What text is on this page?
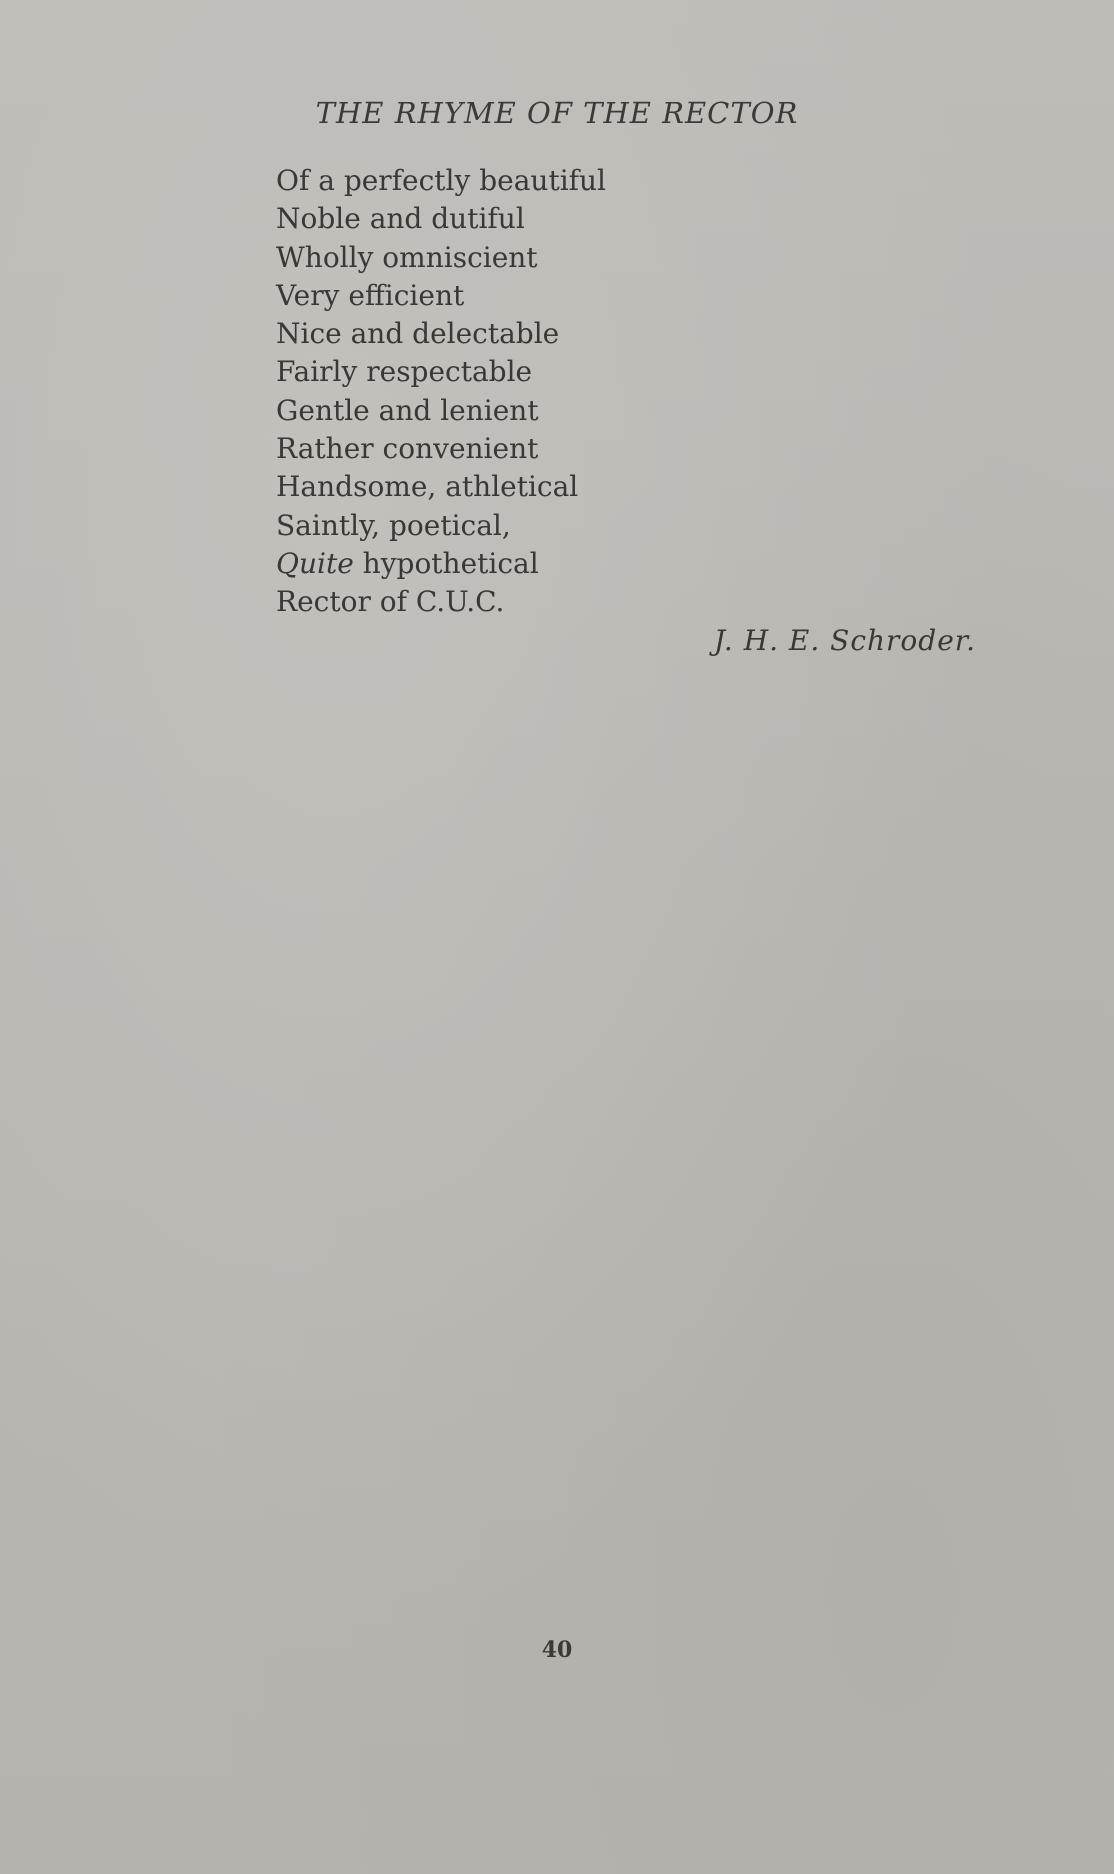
THE RHYME OF THE RECTOR
Of a perfectly beautiful
Noble and dutiful
Wholly omniscient
Very efficient
Nice and delectable
Fairly respectable
Gentle and lenient
Rather convenient
Handsome, athletical
Saintly, poetical,
Quite hypothetical
Rector of C.U.C.
J. H. E. Schroder.
40
